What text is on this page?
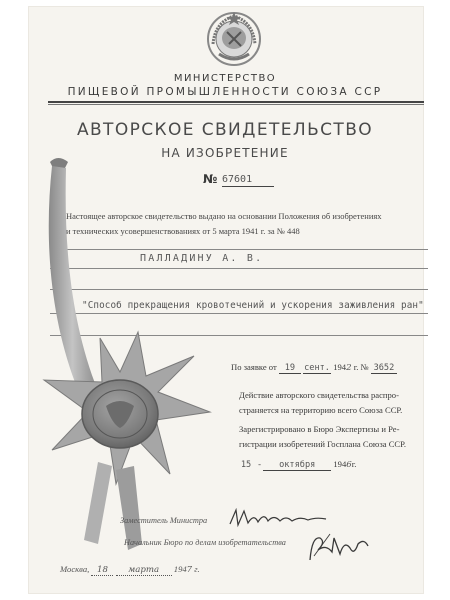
МИНИСТЕРСТВО

ПИЩЕВОЙ ПРОМЫШЛЕННОСТИ СОЮЗА ССР

АВТОРСКОЕ СВИДЕТЕЛЬСТВО
НА ИЗОБРЕТЕНИЕ
№ 67601

Настоящее авторское свидетельство выдано на основании Положения об изобретениях
и технических усовершенствованиях от 5 марта 1941 г. за № 448

ПАЛЛАДИНУ А. В.
"Способ прекращения кровотечений и ускорения заживления ран"

По заявке от 19 сент. 1942 г. № 3652

Действие авторского свидетельства распро-

страняется на территорию всего Союза ССР.

Зарегистрировано в Бюро Экспертизы и Ре-

гистрации изобретений Госплана Союза ССР.

15 - октября 1946г.

Заместитель Министра

Начальник Бюро по делам изобретательства

Москва, 18 марта 1947 г.
